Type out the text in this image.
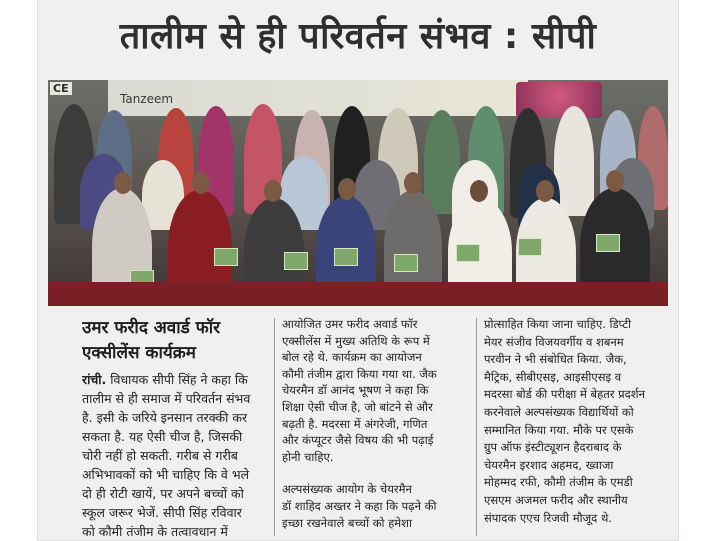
तालीम से ही परिवर्तन संभव : सीपी
Tanzeem
CE

उमर फरीद अवार्ड फॉर

एक्सीलेंस कार्यक्रम

रांची. विधायक सीपी सिंह ने कहा कि

तालीम से ही समाज में परिवर्तन संभव

है. इसी के जरिये इनसान तरक्की कर

सकता है. यह ऐसी चीज है, जिसकी

चोरी नहीं हो सकती. गरीब से गरीब

अभिभावकों को भी चाहिए कि वे भले

दो ही रोटी खायें, पर अपने बच्चों को

स्कूल जरूर भेजें. सीपी सिंह रविवार

को कौमी तंजीम के तत्वावधान में

आयोजित उमर फरीद अवार्ड फॉर

एक्सीलेंस में मुख्य अतिथि के रूप में

बोल रहे थे. कार्यक्रम का आयोजन

कौमी तंजीम द्वारा किया गया था. जैक

चेयरमैन डॉ आनंद भूषण ने कहा कि

शिक्षा ऐसी चीज है, जो बांटने से और

बढ़ती है. मदरसा में अंगरेजी, गणित

और कंप्यूटर जैसे विषय की भी पढ़ाई

होनी चाहिए.

अल्पसंख्यक आयोग के चेयरमैन

डॉ शाहिद अख्तर ने कहा कि पढ़ने की

इच्छा रखनेवाले बच्चों को हमेशा

प्रोत्साहित किया जाना चाहिए. डिप्टी

मेयर संजीव विजयवर्गीय व शबनम

परवीन ने भी संबोधित किया. जैक,

मैट्रिक, सीबीएसइ, आइसीएसइ व

मदरसा बोर्ड की परीक्षा में बेहतर प्रदर्शन

करनेवाले अल्पसंख्यक विद्यार्थियों को

सम्मानित किया गया. मौके पर एसके

ग्रुप ऑफ इंस्टीट्यूशन हैदराबाद के

चेयरमैन इरशाद अहमद, ख्वाजा

मोहम्मद रफी, कौमी तंजीम के एमडी

एसएम अजमल फरीद और स्थानीय

संपादक एएच रिजवी मौजूद थे.
